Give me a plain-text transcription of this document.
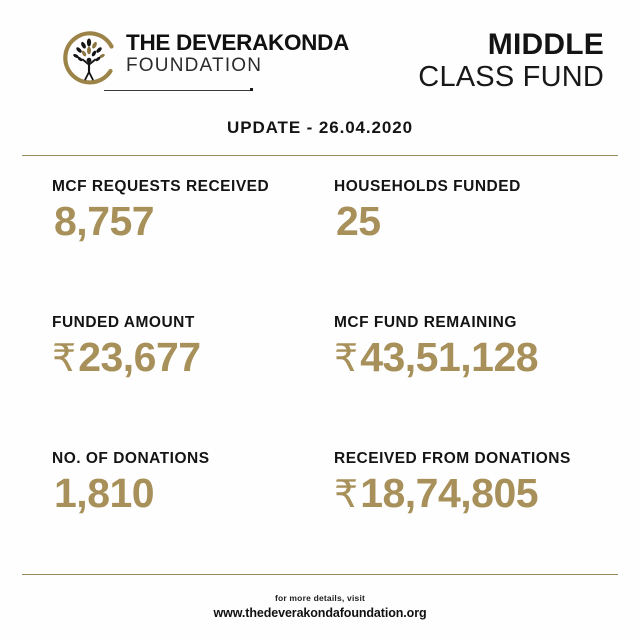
THE DEVERAKONDA
FOUNDATION
MIDDLE
CLASS FUND
UPDATE - 26.04.2020
MCF REQUESTS RECEIVED
8,757
HOUSEHOLDS FUNDED
25
FUNDED AMOUNT
₹23,677
MCF FUND REMAINING
₹43,51,128
NO. OF DONATIONS
1,810
RECEIVED FROM DONATIONS
₹18,74,805
for more details, visit
www.thedeverakondafoundation.org
